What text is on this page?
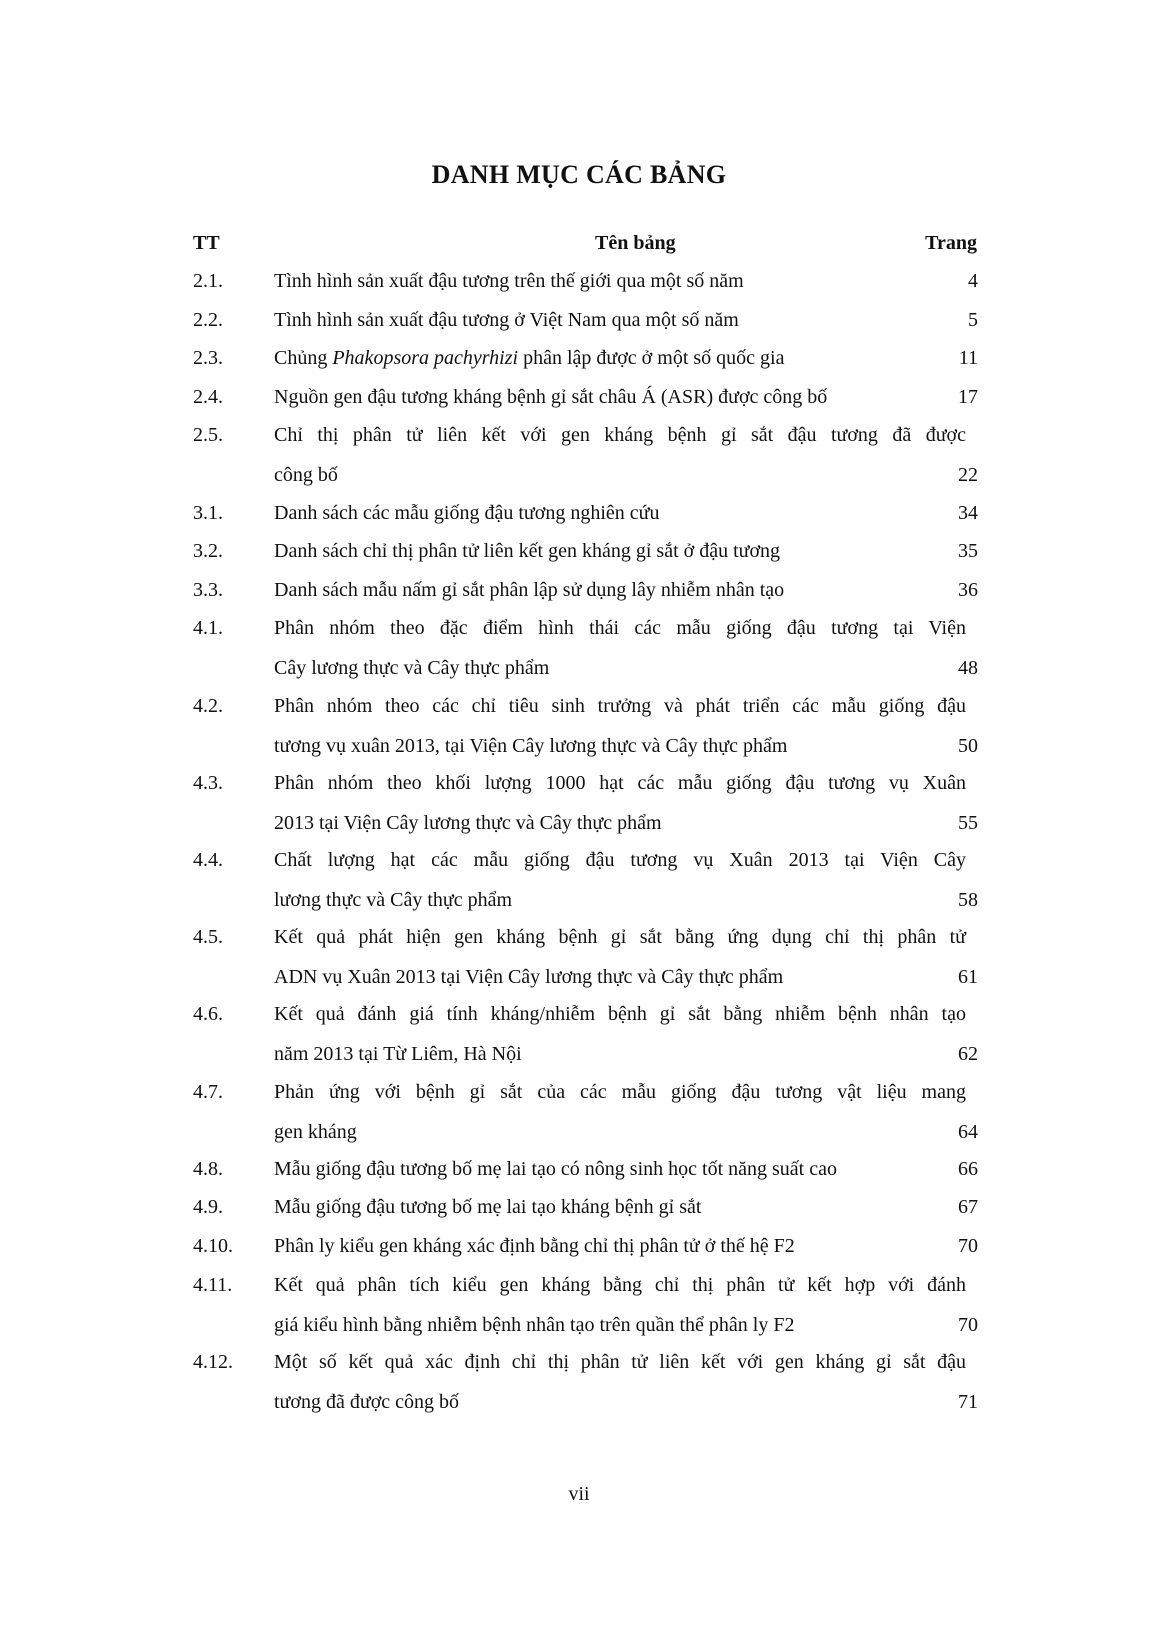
DANH MỤC CÁC BẢNG
TT	Tên bảng	Trang
2.1.	Tình hình sản xuất đậu tương trên thế giới qua một số năm	4
2.2.	Tình hình sản xuất đậu tương ở Việt Nam qua một số năm	5
2.3.	Chủng Phakopsora pachyrhizi phân lập được ở một số quốc gia	11
2.4.	Nguồn gen đậu tương kháng bệnh gỉ sắt châu Á (ASR) được công bố	17
2.5.	Chỉ thị phân tử liên kết với gen kháng bệnh gỉ sắt đậu tương đã được
công bố	22
3.1.	Danh sách các mẫu giống đậu tương nghiên cứu	34
3.2.	Danh sách chỉ thị phân tử liên kết gen kháng gỉ sắt ở đậu tương	35
3.3.	Danh sách mẫu nấm gỉ sắt phân lập sử dụng lây nhiễm nhân tạo	36
4.1.	Phân nhóm theo đặc điểm hình thái các mẫu giống đậu tương tại Viện
Cây lương thực và Cây thực phẩm	48
4.2.	Phân nhóm theo các chỉ tiêu sinh trưởng và phát triển các mẫu giống đậu
tương vụ xuân 2013, tại Viện Cây lương thực và Cây thực phẩm	50
4.3.	Phân nhóm theo khối lượng 1000 hạt các mẫu giống đậu tương vụ Xuân
2013 tại Viện Cây lương thực và Cây thực phẩm	55
4.4.	Chất lượng hạt các mẫu giống đậu tương vụ Xuân 2013 tại Viện Cây
lương thực và Cây thực phẩm	58
4.5.	Kết quả phát hiện gen kháng bệnh gỉ sắt bằng ứng dụng chỉ thị phân tử
ADN vụ Xuân 2013 tại Viện Cây lương thực và Cây thực phẩm	61
4.6.	Kết quả đánh giá tính kháng/nhiễm bệnh gỉ sắt bằng nhiễm bệnh nhân tạo
năm 2013 tại Từ Liêm, Hà Nội	62
4.7.	Phản ứng với bệnh gỉ sắt của các mẫu giống đậu tương vật liệu mang
gen kháng	64
4.8.	Mẫu giống đậu tương bố mẹ lai tạo có nông sinh học tốt năng suất cao	66
4.9.	Mẫu giống đậu tương bố mẹ lai tạo kháng bệnh gỉ sắt	67
4.10. Phân ly kiểu gen kháng xác định bằng chỉ thị phân tử ở thế hệ F2	70
4.11. Kết quả phân tích kiểu gen kháng bằng chỉ thị phân tử kết hợp với đánh
giá kiểu hình bằng nhiễm bệnh nhân tạo trên quần thể phân ly F2	70
4.12. Một số kết quả xác định chỉ thị phân tử liên kết với gen kháng gỉ sắt đậu
tương đã được công bố	71
vii
